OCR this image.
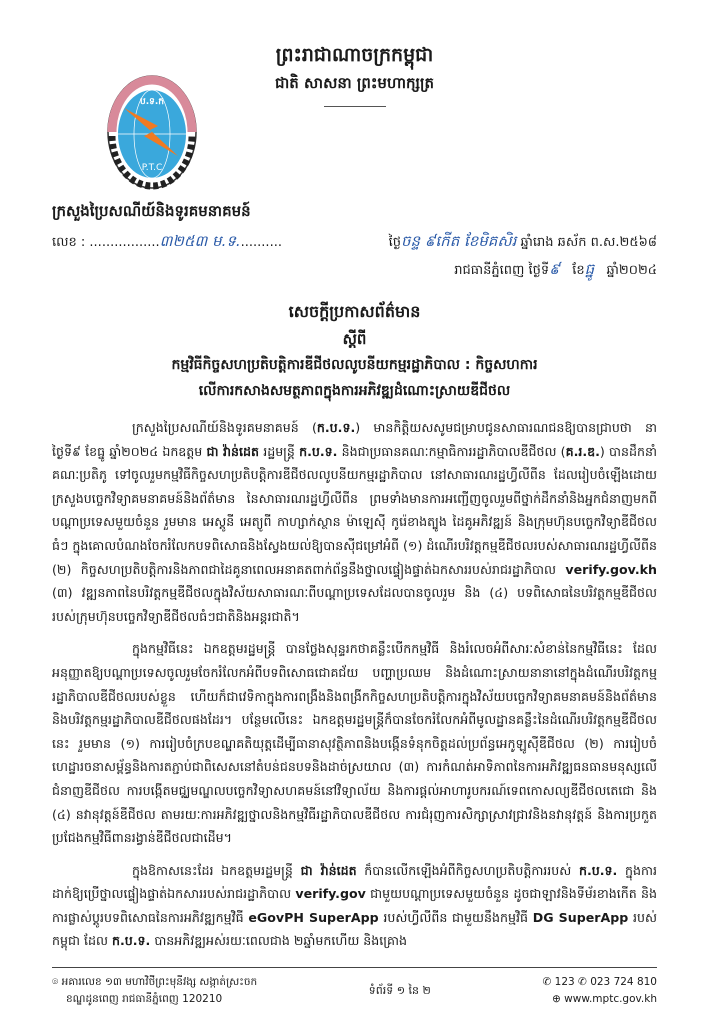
ប.ទ.ក
P.T.C
ព្រះរាជាណាចក្រកម្ពុជា
ជាតិ សាសនា ព្រះមហាក្សត្រ
ក្រសួងប្រៃសណីយ៍និងទូរគមនាគមន៍
លេខ : .................៣២៥៣ ម.ទ...........	ថ្ងៃចន្ទ ៩កើត ខែមិគសិរ ឆ្នាំរោង ឆស័ក ព.ស.២៥៦៨
រាជធានីភ្នំពេញ ថ្ងៃទី៩ ខែធ្នូ ឆ្នាំ២០២៤
សេចក្តីប្រកាសព័ត៌មាន
ស្តីពី
កម្មវិធីកិច្ចសហប្រតិបត្តិការឌីជីថលលូបនីយកម្មរដ្ឋាភិបាល : កិច្ចសហការ
លើការកសាងសមត្ថភាពក្នុងការអភិវឌ្ឍដំណោះស្រាយឌីជីថល

ក្រសួងប្រៃសណីយ៍និងទូរគមនាគមន៍ (ក.ប.ទ.) មានកិត្តិយសសូមជម្រាបជូនសាធារណជនឱ្យបានជ្រាបថា នាថ្ងៃទី៩ ខែធ្នូ ឆ្នាំ២០២៤ ឯកឧត្តម ជា វ៉ាន់ដេត រដ្ឋមន្ត្រី ក.ប.ទ. និងជាប្រធានគណៈកម្មាធិការរដ្ឋាភិបាលឌីជីថល (គ.រ.ឌ.) បានដឹកនាំគណៈប្រតិភូ ទៅចូលរួមកម្មវិធីកិច្ចសហប្រតិបត្តិការឌីជីថលលូបនីយកម្មរដ្ឋាភិបាល នៅសាធារណរដ្ឋហ្វីលីពីន ដែលរៀបចំឡើងដោយក្រសួងបច្ចេកវិទ្យាគមនាគមន៍និងព័ត៌មាន នៃសាធារណរដ្ឋហ្វីលីពីន ព្រមទាំងមានការអញ្ជើញចូលរួមពីថ្នាក់ដឹកនាំនិងអ្នកជំនាញមកពីបណ្តាប្រទេសមួយចំនួន រួមមាន អេស្តូនី អេត្យូពី កាហ្សាក់ស្ថាន ម៉ាឡេស៊ី កូរ៉េខាងត្បូង ដៃគូអភិវឌ្ឍន៍ និងក្រុមហ៊ុនបច្ចេកវិទ្យាឌីជីថលធំៗ ក្នុងគោលបំណងចែករំលែកបទពិសោធនិងស្វែងយល់ឱ្យបានស៊ីជម្រៅអំពី (១) ដំណើរបរិវត្តកម្មឌីជីថលរបស់សាធារណរដ្ឋហ្វីលីពីន (២) កិច្ចសហប្រតិបត្តិការនិងភាពជាដៃគូនាពេលអនាគតពាក់ព័ន្ធនឹងថ្នាលផ្ទៀងផ្ទាត់ឯកសាររបស់រាជរដ្ឋាភិបាល verify.gov.kh (៣) វឌ្ឍនភាពនៃបរិវត្តកម្មឌីជីថលក្នុងវិស័យសាធារណៈពីបណ្តាប្រទេសដែលបានចូលរួម និង (៤) បទពិសោធនៃបរិវត្តកម្មឌីជីថលរបស់ក្រុមហ៊ុនបច្ចេកវិទ្យាឌីជីថលធំៗជាតិនិងអន្តរជាតិ។

ក្នុងកម្មវិធីនេះ ឯកឧត្តមរដ្ឋមន្ត្រី បានថ្លែងសុន្ទរកថាគន្លឹះបើកកម្មវិធី និងរំលេចអំពីសារៈសំខាន់នៃកម្មវិធីនេះ ដែលអនុញ្ញាតឱ្យបណ្តាប្រទេសចូលរួមចែករំលែកអំពីបទពិសោធជោគជ័យ បញ្ហាប្រឈម និងដំណោះស្រាយនានានៅក្នុងដំណើរបរិវត្តកម្មរដ្ឋាភិបាលឌីជីថលរបស់ខ្លួន ហើយក៏ជាវេទិកាក្នុងការពង្រឹងនិងពង្រីកកិច្ចសហប្រតិបត្តិការក្នុងវិស័យបច្ចេកវិទ្យាគមនាគមន៍និងព័ត៌មាន និងបរិវត្តកម្មរដ្ឋាភិបាលឌីជីថលផងដែរ។ បន្ថែមលើនេះ ឯកឧត្តមរដ្ឋមន្ត្រីក៏បានចែករំលែកអំពីមូលដ្ឋានគន្លឹះនៃដំណើរបរិវត្តកម្មឌីជីថលនេះ រួមមាន (១) ការរៀបចំក្របខណ្ឌគតិយុត្តដើម្បីធានាសុវត្ថិភាពនិងបង្កើនទំនុកចិត្តដល់ប្រព័ន្ធអេកូឡូស៊ីឌីជីថល (២) ការរៀបចំហេដ្ឋារចនាសម្ព័ន្ធនិងការតភ្ជាប់ជាពិសេសនៅតំបន់ជនបទនិងដាច់ស្រយាល (៣) ការកំណត់អាទិភាពនៃការអភិវឌ្ឍធនធានមនុស្សលើជំនាញឌីជីថល ការបង្កើតមជ្ឈមណ្ឌលបច្ចេកវិទ្យាសហគមន៍នៅវិទ្យាល័យ និងការផ្តល់អាហារូបករណ៍ទេពកោសល្យឌីជីថលតេជោ និង (៤) នវានុវត្តន៍ឌីជីថល តាមរយៈការអភិវឌ្ឍថ្នាលនិងកម្មវិធីរដ្ឋាភិបាលឌីជីថល ការជំរុញការសិក្សាស្រាវជ្រាវនិងនវានុវត្តន៍ និងការប្រកួតប្រជែងកម្មវិធីពានរង្វាន់ឌីជីថលជាដើម។

ក្នុងឱកាសនេះដែរ ឯកឧត្តមរដ្ឋមន្ត្រី ជា វ៉ាន់ដេត ក៏បានលើកឡើងអំពីកិច្ចសហប្រតិបត្តិការរបស់ ក.ប.ទ. ក្នុងការដាក់ឱ្យប្រើថ្នាលផ្ទៀងផ្ទាត់ឯកសាររបស់រាជរដ្ឋាភិបាល verify.gov ជាមួយបណ្តាប្រទេសមួយចំនួន ដូចជាឡាវនិងទីម័រខាងកើត និងការផ្លាស់ប្តូរបទពិសោធនៃការអភិវឌ្ឍកម្មវិធី eGovPH SuperApp របស់ហ្វីលីពីន ជាមួយនឹងកម្មវិធី DG SuperApp របស់កម្ពុជា ដែល ក.ប.ទ. បានអភិវឌ្ឍអស់រយៈពេលជាង ២ឆ្នាំមកហើយ និងគ្រោង

⌾ អគារលេខ ១៣ មហាវិថីព្រះមុនីវង្ស សង្កាត់ស្រះចក
ខណ្ឌដូនពេញ រាជធានីភ្នំពេញ 120210
ទំព័រទី ១ នៃ ២
✆ 123 ✆ 023 724 810
⊕ www.mptc.gov.kh
